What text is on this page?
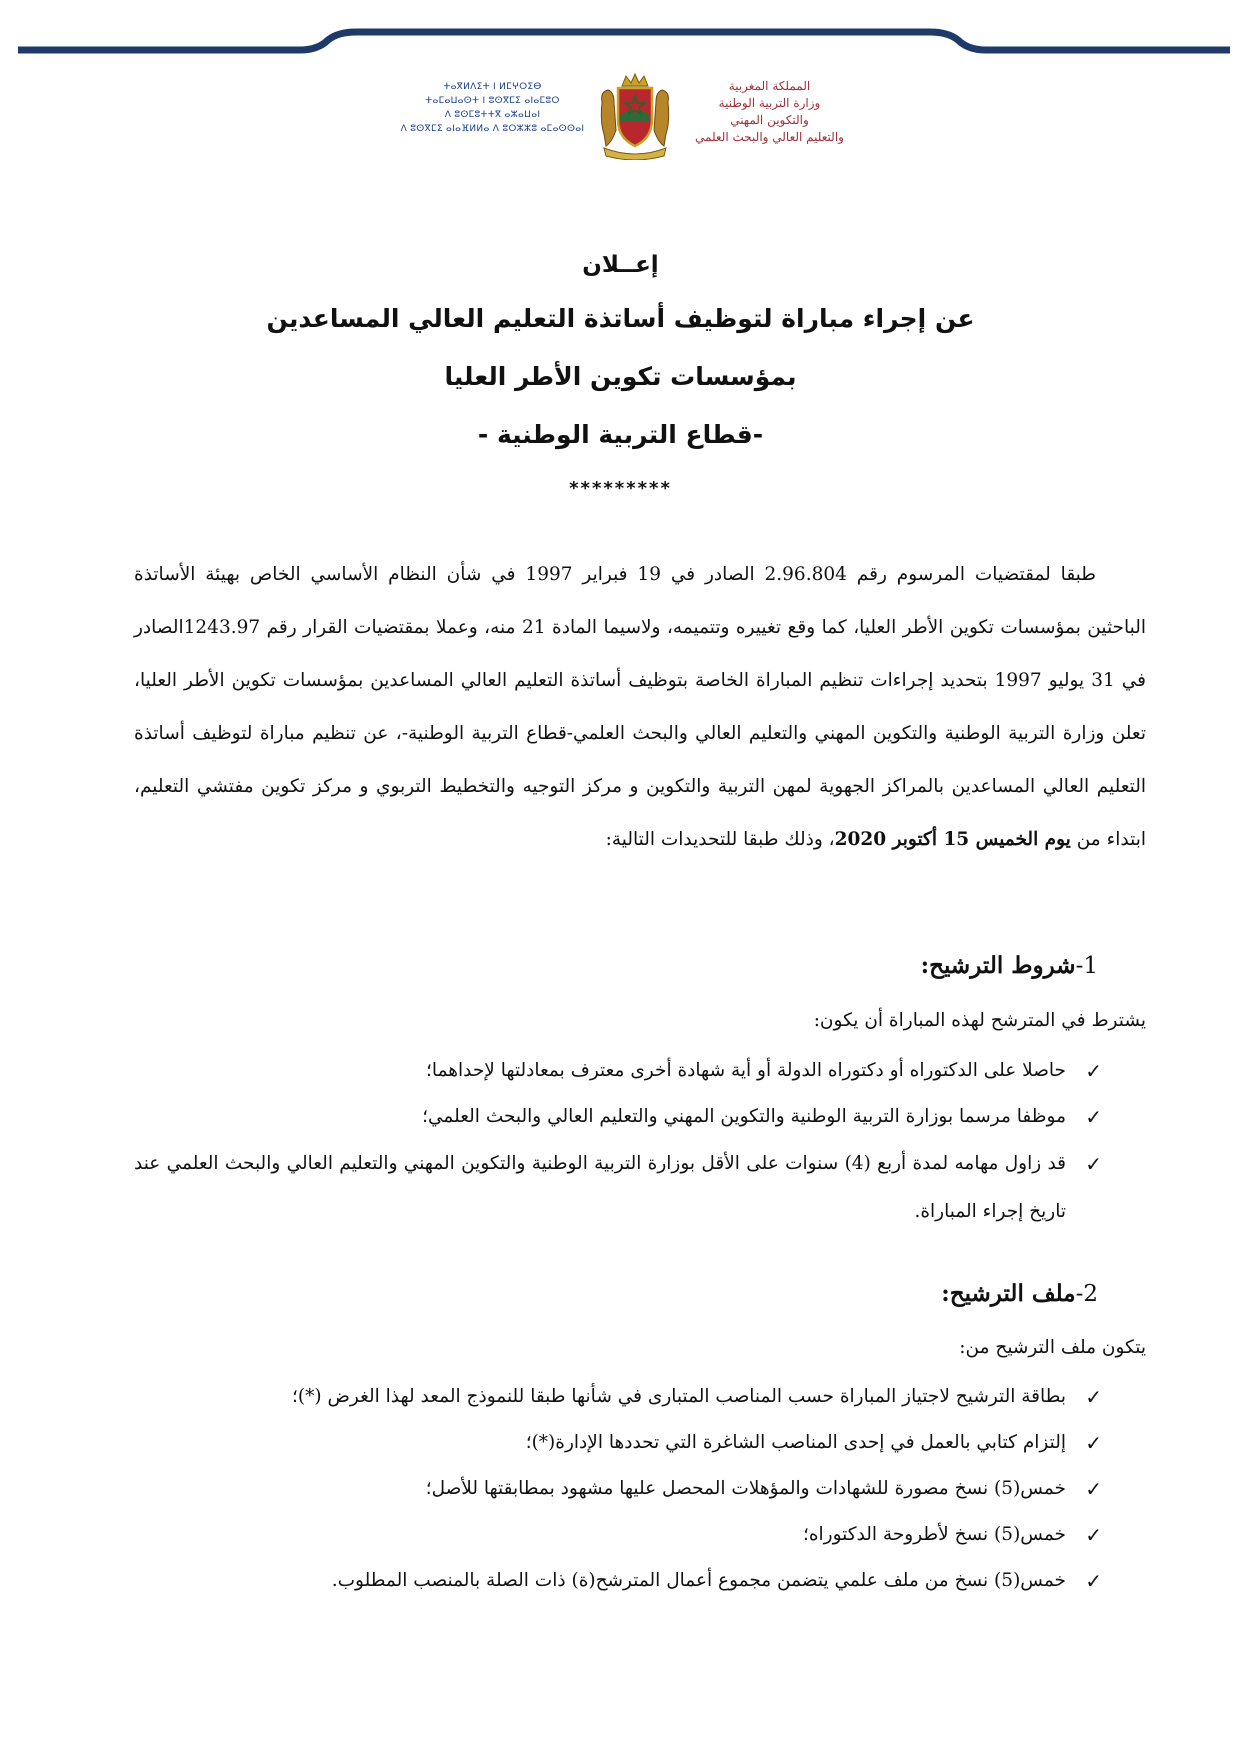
ⵜⴰⴳⵍⴷⵉⵜ ⵏ ⵍⵎⵖⵔⵉⴱ
ⵜⴰⵎⴰⵡⴰⵙⵜ ⵏ ⵓⵙⴳⵎⵉ ⴰⵏⴰⵎⵓⵔ
ⴷ ⵓⵙⵎⵓⵜⵜⴳ ⴰⵣⴰⵡⴰⵏ
ⴷ ⵓⵙⴳⵎⵉ ⴰⵏⴰⴼⵍⵍⴰ ⴷ ⵓⵔⵣⵣⵓ ⴰⵎⴰⵙⵙⴰⵏ
المملكة المغربية
وزارة التربية الوطنية
والتكوين المهني
والتعليم العالي والبحث العلمي
إعــلان
عن إجراء مباراة لتوظيف أساتذة التعليم العالي المساعدين
بمؤسسات تكوين الأطر العليا
-قطاع التربية الوطنية -
*********

طبقا لمقتضيات المرسوم رقم 2.96.804 الصادر في 19 فبراير 1997 في شأن النظام الأساسي الخاص بهيئة الأساتذة الباحثين بمؤسسات تكوين الأطر العليا، كما وقع تغييره وتتميمه، ولاسيما المادة 21 منه، وعملا بمقتضيات القرار رقم 1243.97الصادر في 31 يوليو 1997 بتحديد إجراءات تنظيم المباراة الخاصة بتوظيف أساتذة التعليم العالي المساعدين بمؤسسات تكوين الأطر العليا، تعلن وزارة التربية الوطنية والتكوين المهني والتعليم العالي والبحث العلمي-قطاع التربية الوطنية-، عن تنظيم مباراة لتوظيف أساتذة التعليم العالي المساعدين بالمراكز الجهوية لمهن التربية والتكوين و مركز التوجيه والتخطيط التربوي و مركز تكوين مفتشي التعليم، ابتداء من يوم الخميس 15 أكتوبر 2020، وذلك طبقا للتحديدات التالية:

1-شروط الترشيح:
يشترط في المترشح لهذه المباراة أن يكون:
✓
حاصلا على الدكتوراه أو دكتوراه الدولة أو أية شهادة أخرى معترف بمعادلتها لإحداهما؛
✓
موظفا مرسما بوزارة التربية الوطنية والتكوين المهني والتعليم العالي والبحث العلمي؛
✓
قد زاول مهامه لمدة أربع (4) سنوات على الأقل بوزارة التربية الوطنية والتكوين المهني والتعليم العالي والبحث العلمي عند تاريخ إجراء المباراة.
2-ملف الترشيح:
يتكون ملف الترشيح من:
✓
بطاقة الترشيح لاجتياز المباراة حسب المناصب المتبارى في شأنها طبقا للنموذج المعد لهذا الغرض (*)؛
✓
إلتزام كتابي بالعمل في إحدى المناصب الشاغرة التي تحددها الإدارة(*)؛
✓
خمس(5) نسخ مصورة للشهادات والمؤهلات المحصل عليها مشهود بمطابقتها للأصل؛
✓
خمس(5) نسخ لأطروحة الدكتوراه؛
✓
خمس(5) نسخ من ملف علمي يتضمن مجموع أعمال المترشح(ة) ذات الصلة بالمنصب المطلوب.
